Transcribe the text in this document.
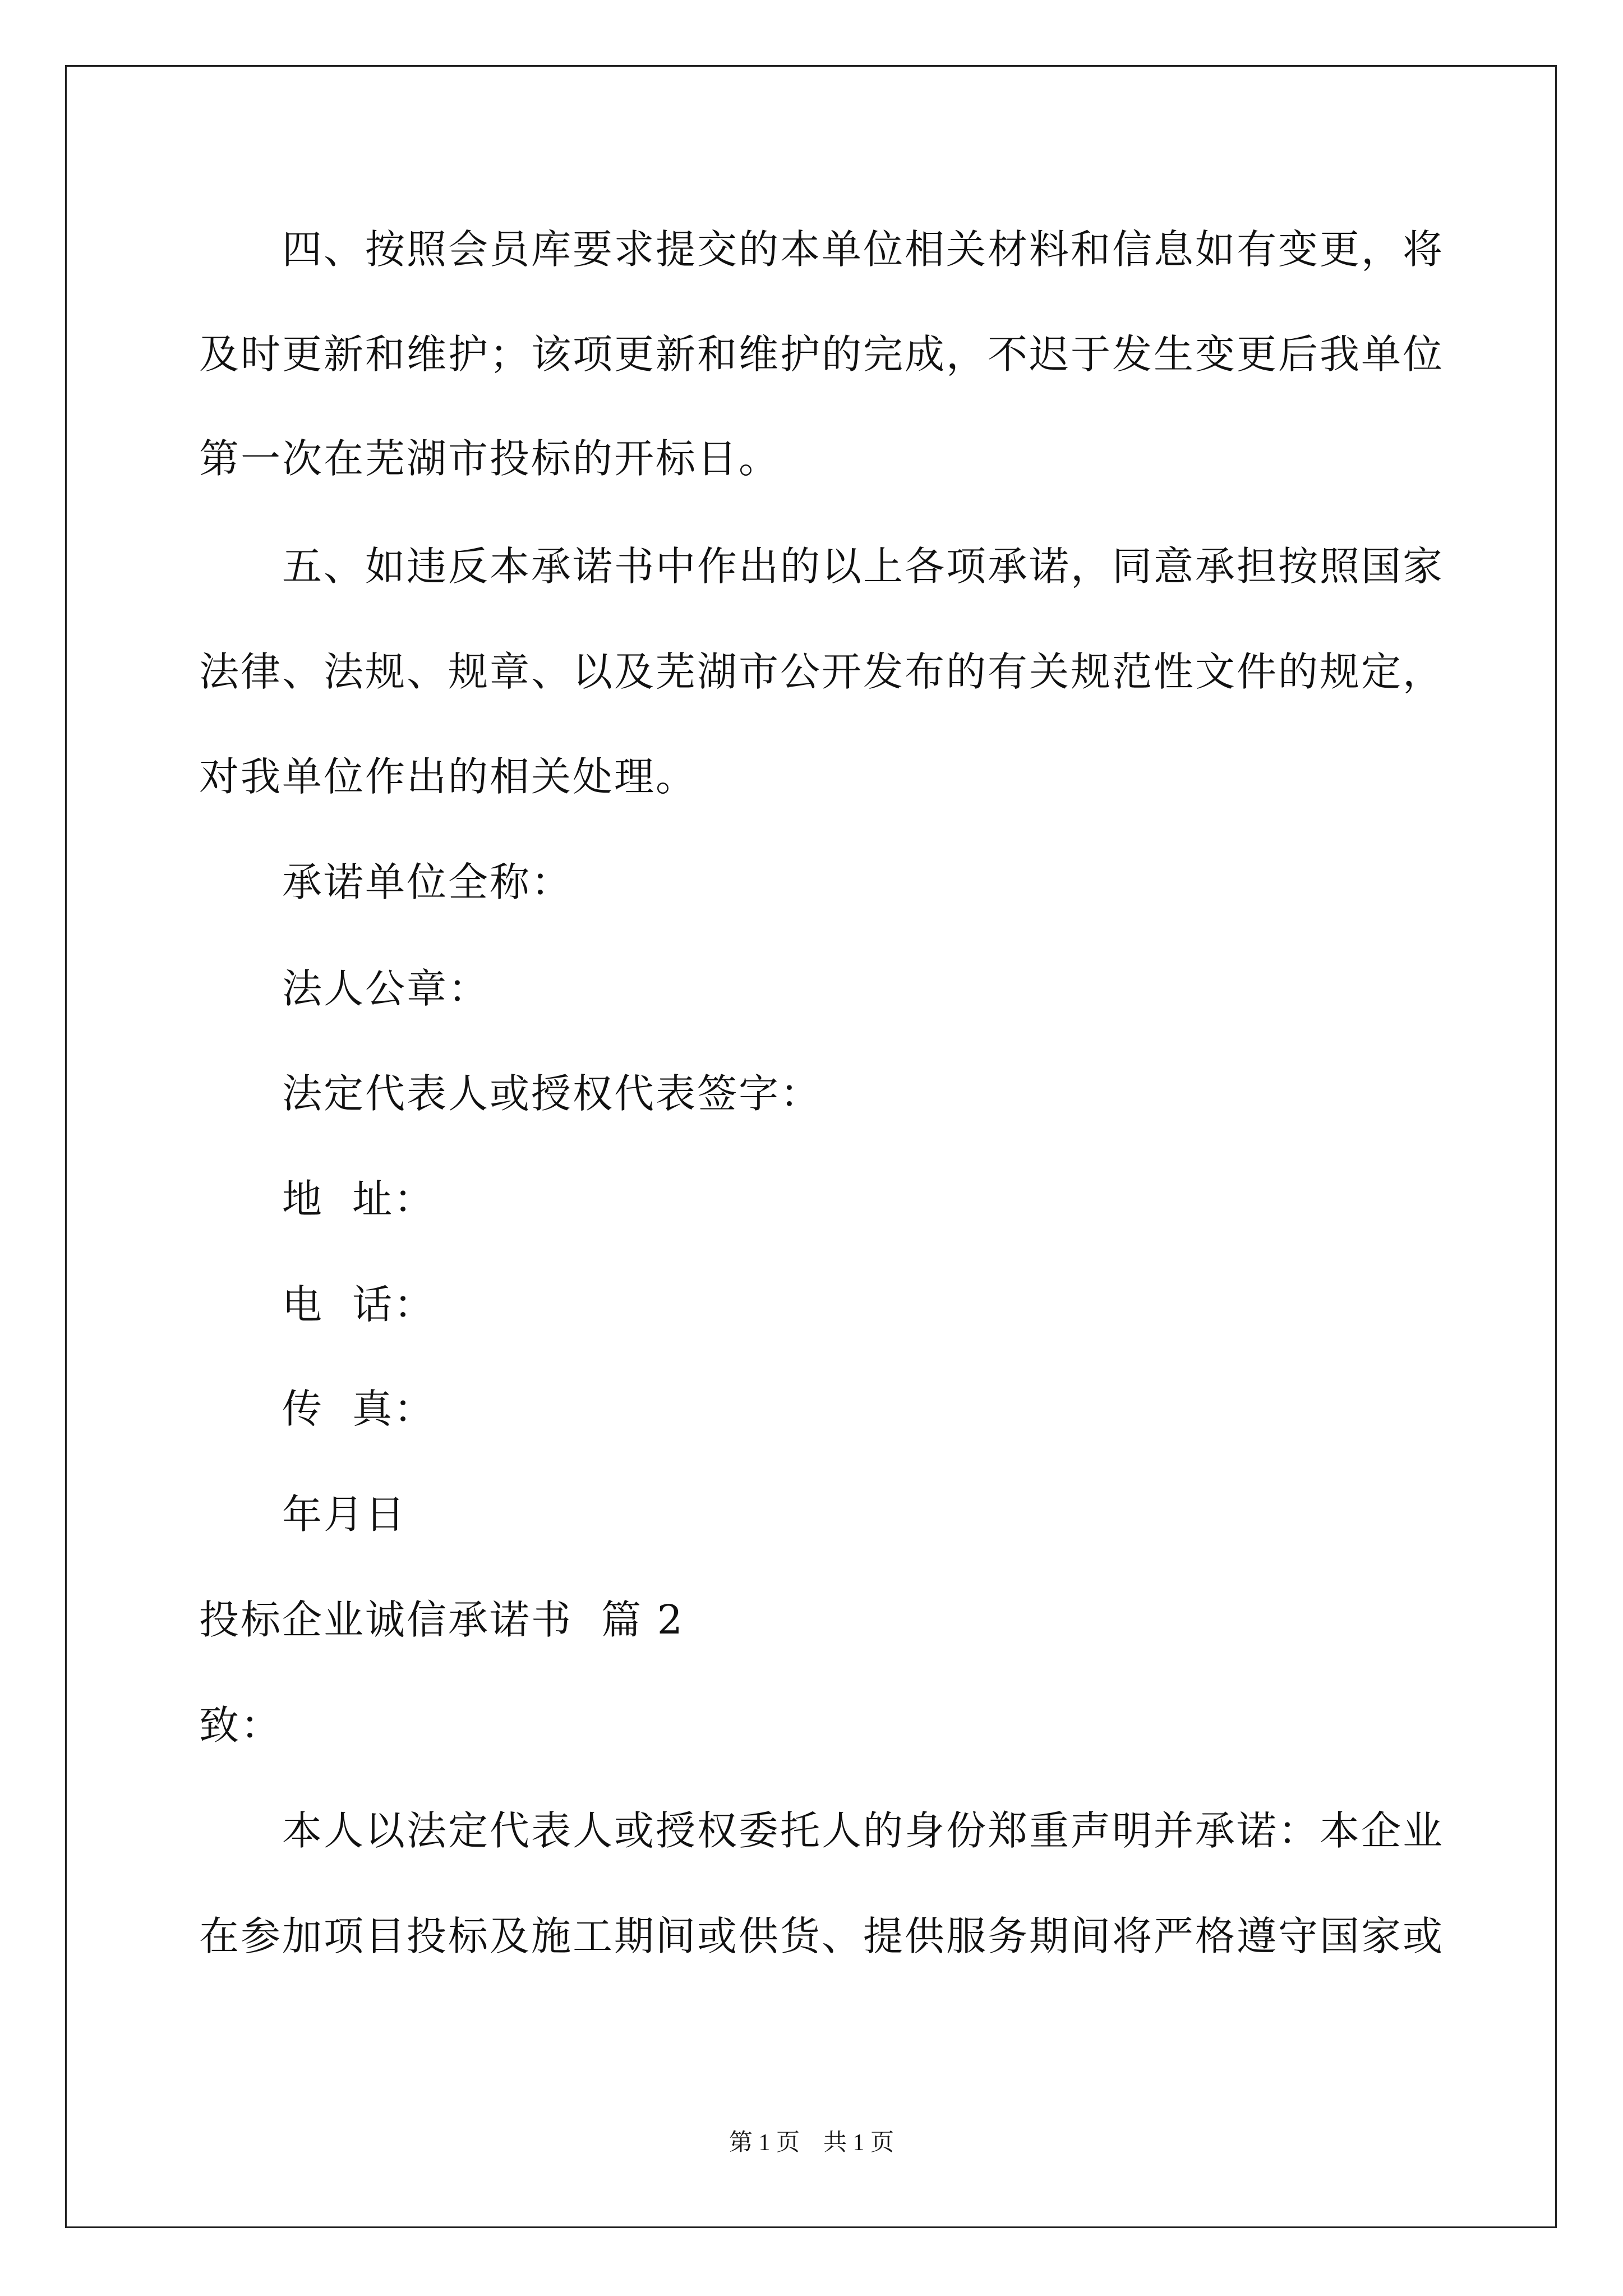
四、按照会员库要求提交的本单位相关材料和信息如有变更，将
及时更新和维护；该项更新和维护的完成，不迟于发生变更后我单位
第一次在芜湖市投标的开标日。
五、如违反本承诺书中作出的以上各项承诺，同意承担按照国家
法律、法规、规章、以及芜湖市公开发布的有关规范性文件的规定，
对我单位作出的相关处理。
承诺单位全称：
法人公章：
法定代表人或授权代表签字：
地  址：
电  话：
传  真：
年月日
投标企业诚信承诺书  篇 2
致：
本人以法定代表人或授权委托人的身份郑重声明并承诺：本企业
在参加项目投标及施工期间或供货、提供服务期间将严格遵守国家或
第 1 页    共 1 页
